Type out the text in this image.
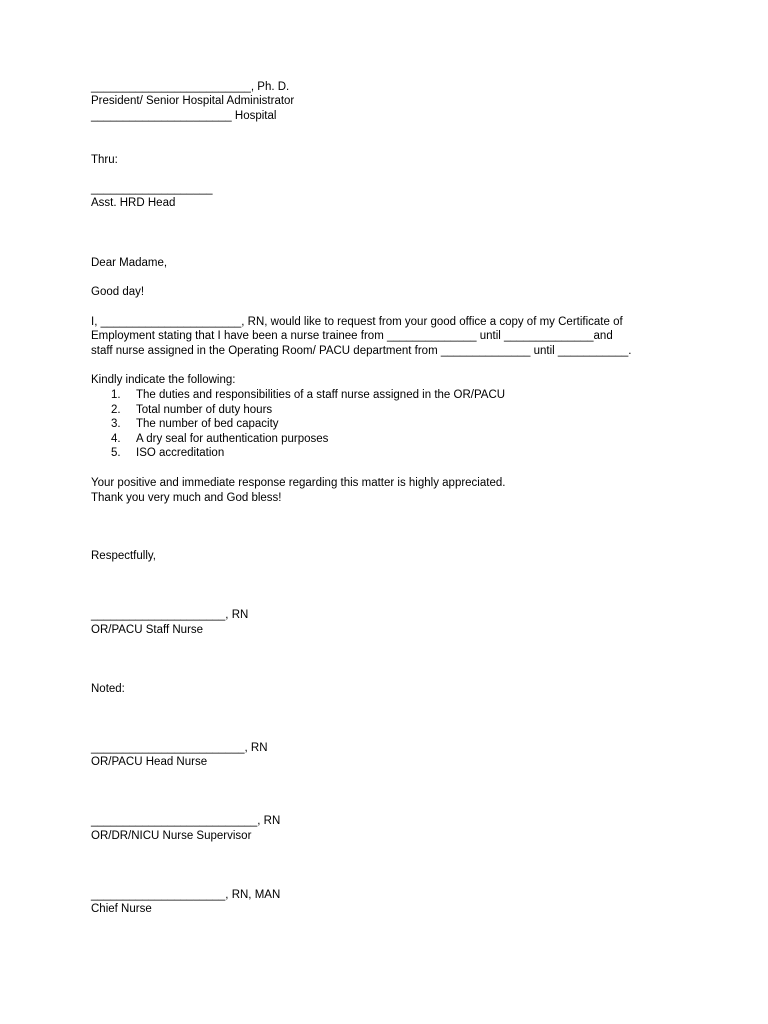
_________________________, Ph. D.
President/ Senior Hospital Administrator
______________________ Hospital
Thru:
___________________
Asst. HRD Head
Dear Madame,
Good day!
I, ______________________, RN, would like to request from your good office a copy of my Certificate of
Employment stating that I have been a nurse trainee from ______________ until ______________and
staff nurse assigned in the Operating Room/ PACU department from ______________ until ___________.
Kindly indicate the following:
1. The duties and responsibilities of a staff nurse assigned in the OR/PACU
2. Total number of duty hours
3. The number of bed capacity
4. A dry seal for authentication purposes
5. ISO accreditation
Your positive and immediate response regarding this matter is highly appreciated.
Thank you very much and God bless!
Respectfully,
_____________________, RN
OR/PACU Staff Nurse
Noted:
________________________, RN
OR/PACU Head Nurse
__________________________, RN
OR/DR/NICU Nurse Supervisor
_____________________, RN, MAN
Chief Nurse
